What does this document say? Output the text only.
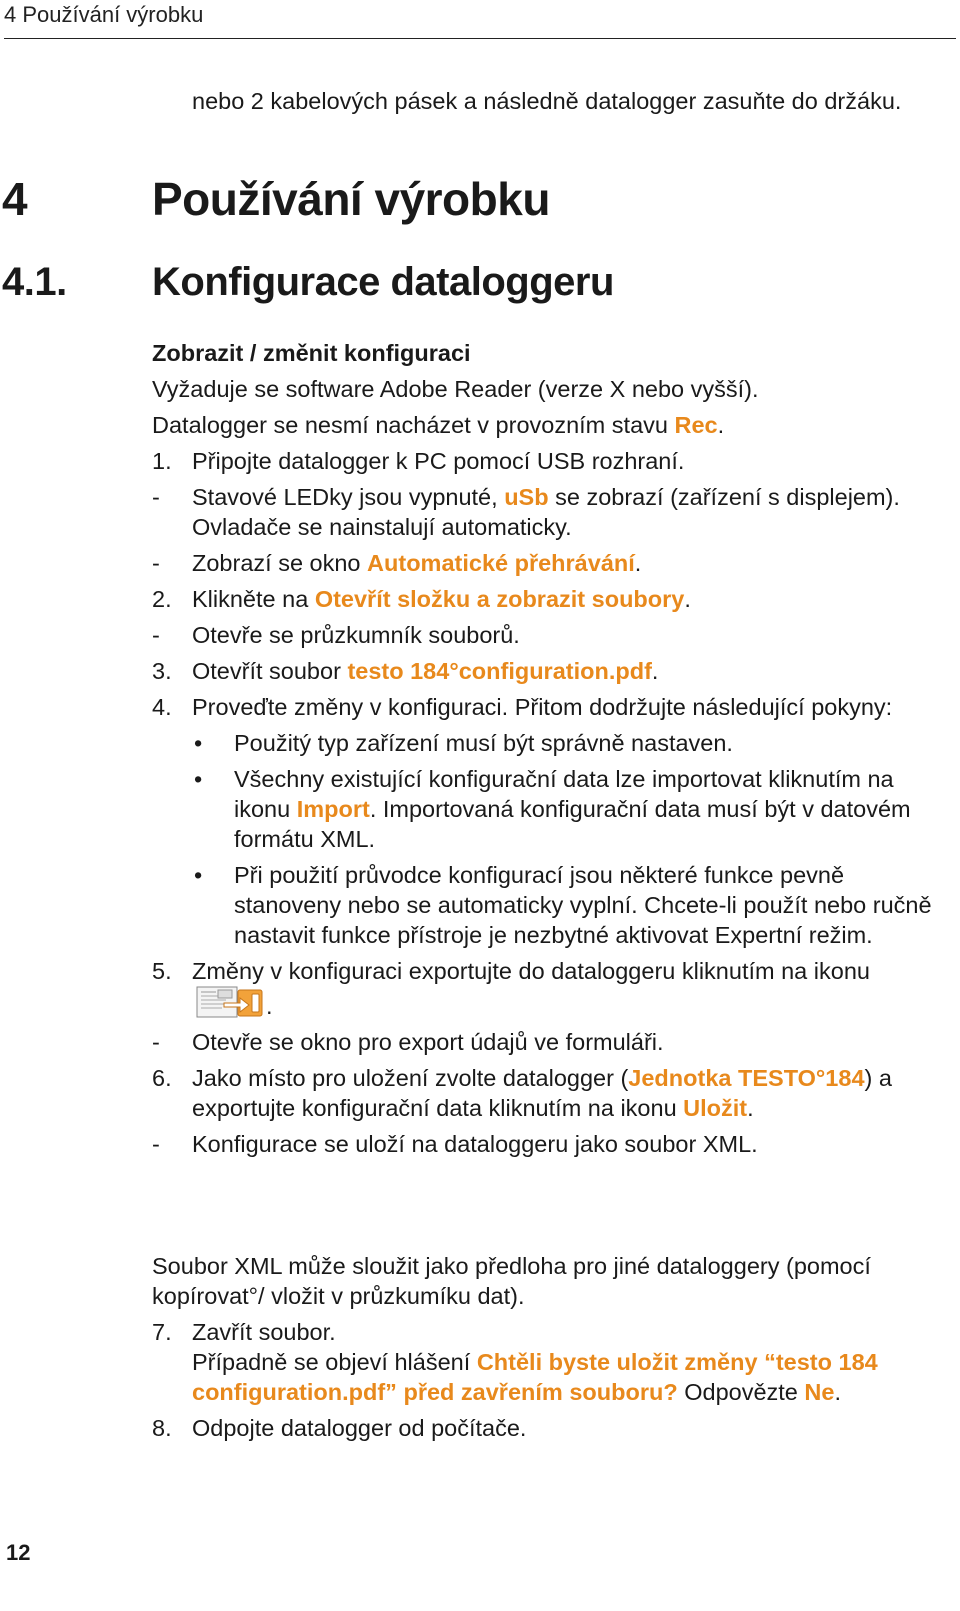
4 Používání výrobku
nebo 2 kabelových pásek a následně datalogger zasuňte do držáku.
4	Používání výrobku
4.1. Konfigurace dataloggeru
Zobrazit / změnit konfiguraci
Vyžaduje se software Adobe Reader (verze X nebo vyšší).
Datalogger se nesmí nacházet v provozním stavu Rec.
1. Připojte datalogger k PC pomocí USB rozhraní.
- Stavové LEDky jsou vypnuté, uSb se zobrazí (zařízení s displejem). Ovladače se nainstalují automaticky.
- Zobrazí se okno Automatické přehrávání.
2. Klikněte na Otevřít složku a zobrazit soubory.
- Otevře se průzkumník souborů.
3. Otevřít soubor testo 184°configuration.pdf.
4. Proveďte změny v konfiguraci. Přitom dodržujte následující pokyny:
• Použitý typ zařízení musí být správně nastaven.
• Všechny existující konfigurační data lze importovat kliknutím na ikonu Import. Importovaná konfigurační data musí být v datovém formátu XML.
• Při použití průvodce konfigurací jsou některé funkce pevně stanoveny nebo se automaticky vyplní. Chcete-li použít nebo ručně nastavit funkce přístroje je nezbytné aktivovat Expertní režim.
5. Změny v konfiguraci exportujte do dataloggeru kliknutím na ikonu .
- Otevře se okno pro export údajů ve formuláři.
6. Jako místo pro uložení zvolte datalogger (Jednotka TESTO°184) a exportujte konfigurační data kliknutím na ikonu Uložit.
- Konfigurace se uloží na dataloggeru jako soubor XML.
Soubor XML může sloužit jako předloha pro jiné dataloggery (pomocí kopírovat°/ vložit v průzkumíku dat).
7. Zavřít soubor.
Případně se objeví hlášení Chtěli byste uložit změny “testo 184 configuration.pdf” před zavřením souboru? Odpovězte Ne.
8. Odpojte datalogger od počítače.
12
